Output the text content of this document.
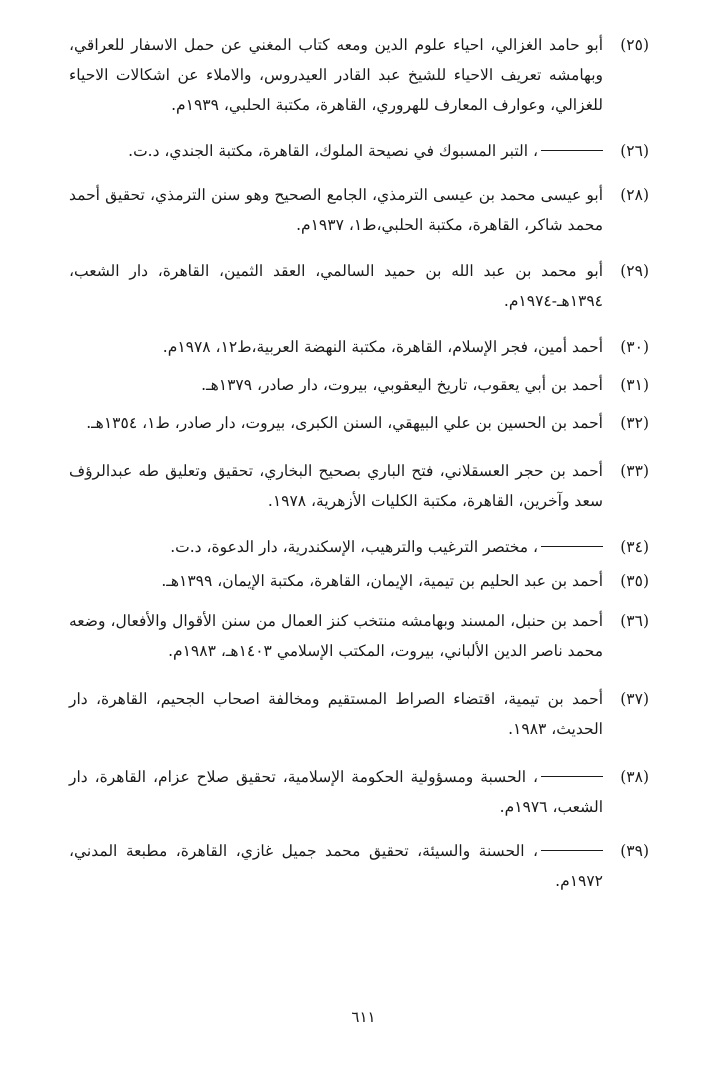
(٢٥)
أبو حامد الغزالي، احياء علوم الدين ومعه كتاب المغني عن حمل الاسفار للعراقي، وبهامشه تعريف الاحياء للشيخ عبد القادر العيدروس، والاملاء عن اشكالات الاحياء للغزالي، وعوارف المعارف للهروري، القاهرة، مكتبة الحلبي، ١٩٣٩م.
(٢٦)
، التبر المسبوك في نصيحة الملوك، القاهرة، مكتبة الجندي، د.ت.
(٢٨)
أبو عيسى محمد بن عيسى الترمذي، الجامع الصحيح وهو سنن الترمذي، تحقيق أحمد محمد شاكر، القاهرة، مكتبة الحلبي،ط١، ١٩٣٧م.
(٢٩)
أبو محمد بن عبد الله بن حميد السالمي، العقد الثمين، القاهرة، دار الشعب، ١٣٩٤هـ-١٩٧٤م.
(٣٠)
أحمد أمين، فجر الإسلام، القاهرة، مكتبة النهضة العربية،ط١٢، ١٩٧٨م.
(٣١)
أحمد بن أبي يعقوب، تاريخ اليعقوبي، بيروت، دار صادر، ١٣٧٩هـ.
(٣٢)
أحمد بن الحسين بن علي البيهقي، السنن الكبرى، بيروت، دار صادر، ط١، ١٣٥٤هـ.
(٣٣)
أحمد بن حجر العسقلاني، فتح الباري بصحيح البخاري، تحقيق وتعليق طه عبدالرؤف سعد وآخرين، القاهرة، مكتبة الكليات الأزهرية، ١٩٧٨.
(٣٤)
، مختصر الترغيب والترهيب، الإسكندرية، دار الدعوة، د.ت.
(٣٥)
أحمد بن عبد الحليم بن تيمية، الإيمان، القاهرة، مكتبة الإيمان، ١٣٩٩هـ.
(٣٦)
أحمد بن حنبل، المسند وبهامشه منتخب كنز العمال من سنن الأقوال والأفعال، وضعه محمد ناصر الدين الألباني، بيروت، المكتب الإسلامي ١٤٠٣هـ، ١٩٨٣م.
(٣٧)
أحمد بن تيمية، اقتضاء الصراط المستقيم ومخالفة اصحاب الجحيم، القاهرة، دار الحديث، ١٩٨٣.
(٣٨)
، الحسبة ومسؤولية الحكومة الإسلامية، تحقيق صلاح عزام، القاهرة، دار الشعب، ١٩٧٦م.
(٣٩)
، الحسنة والسيئة، تحقيق محمد جميل غازي، القاهرة، مطبعة المدني، ١٩٧٢م.
٦١١
